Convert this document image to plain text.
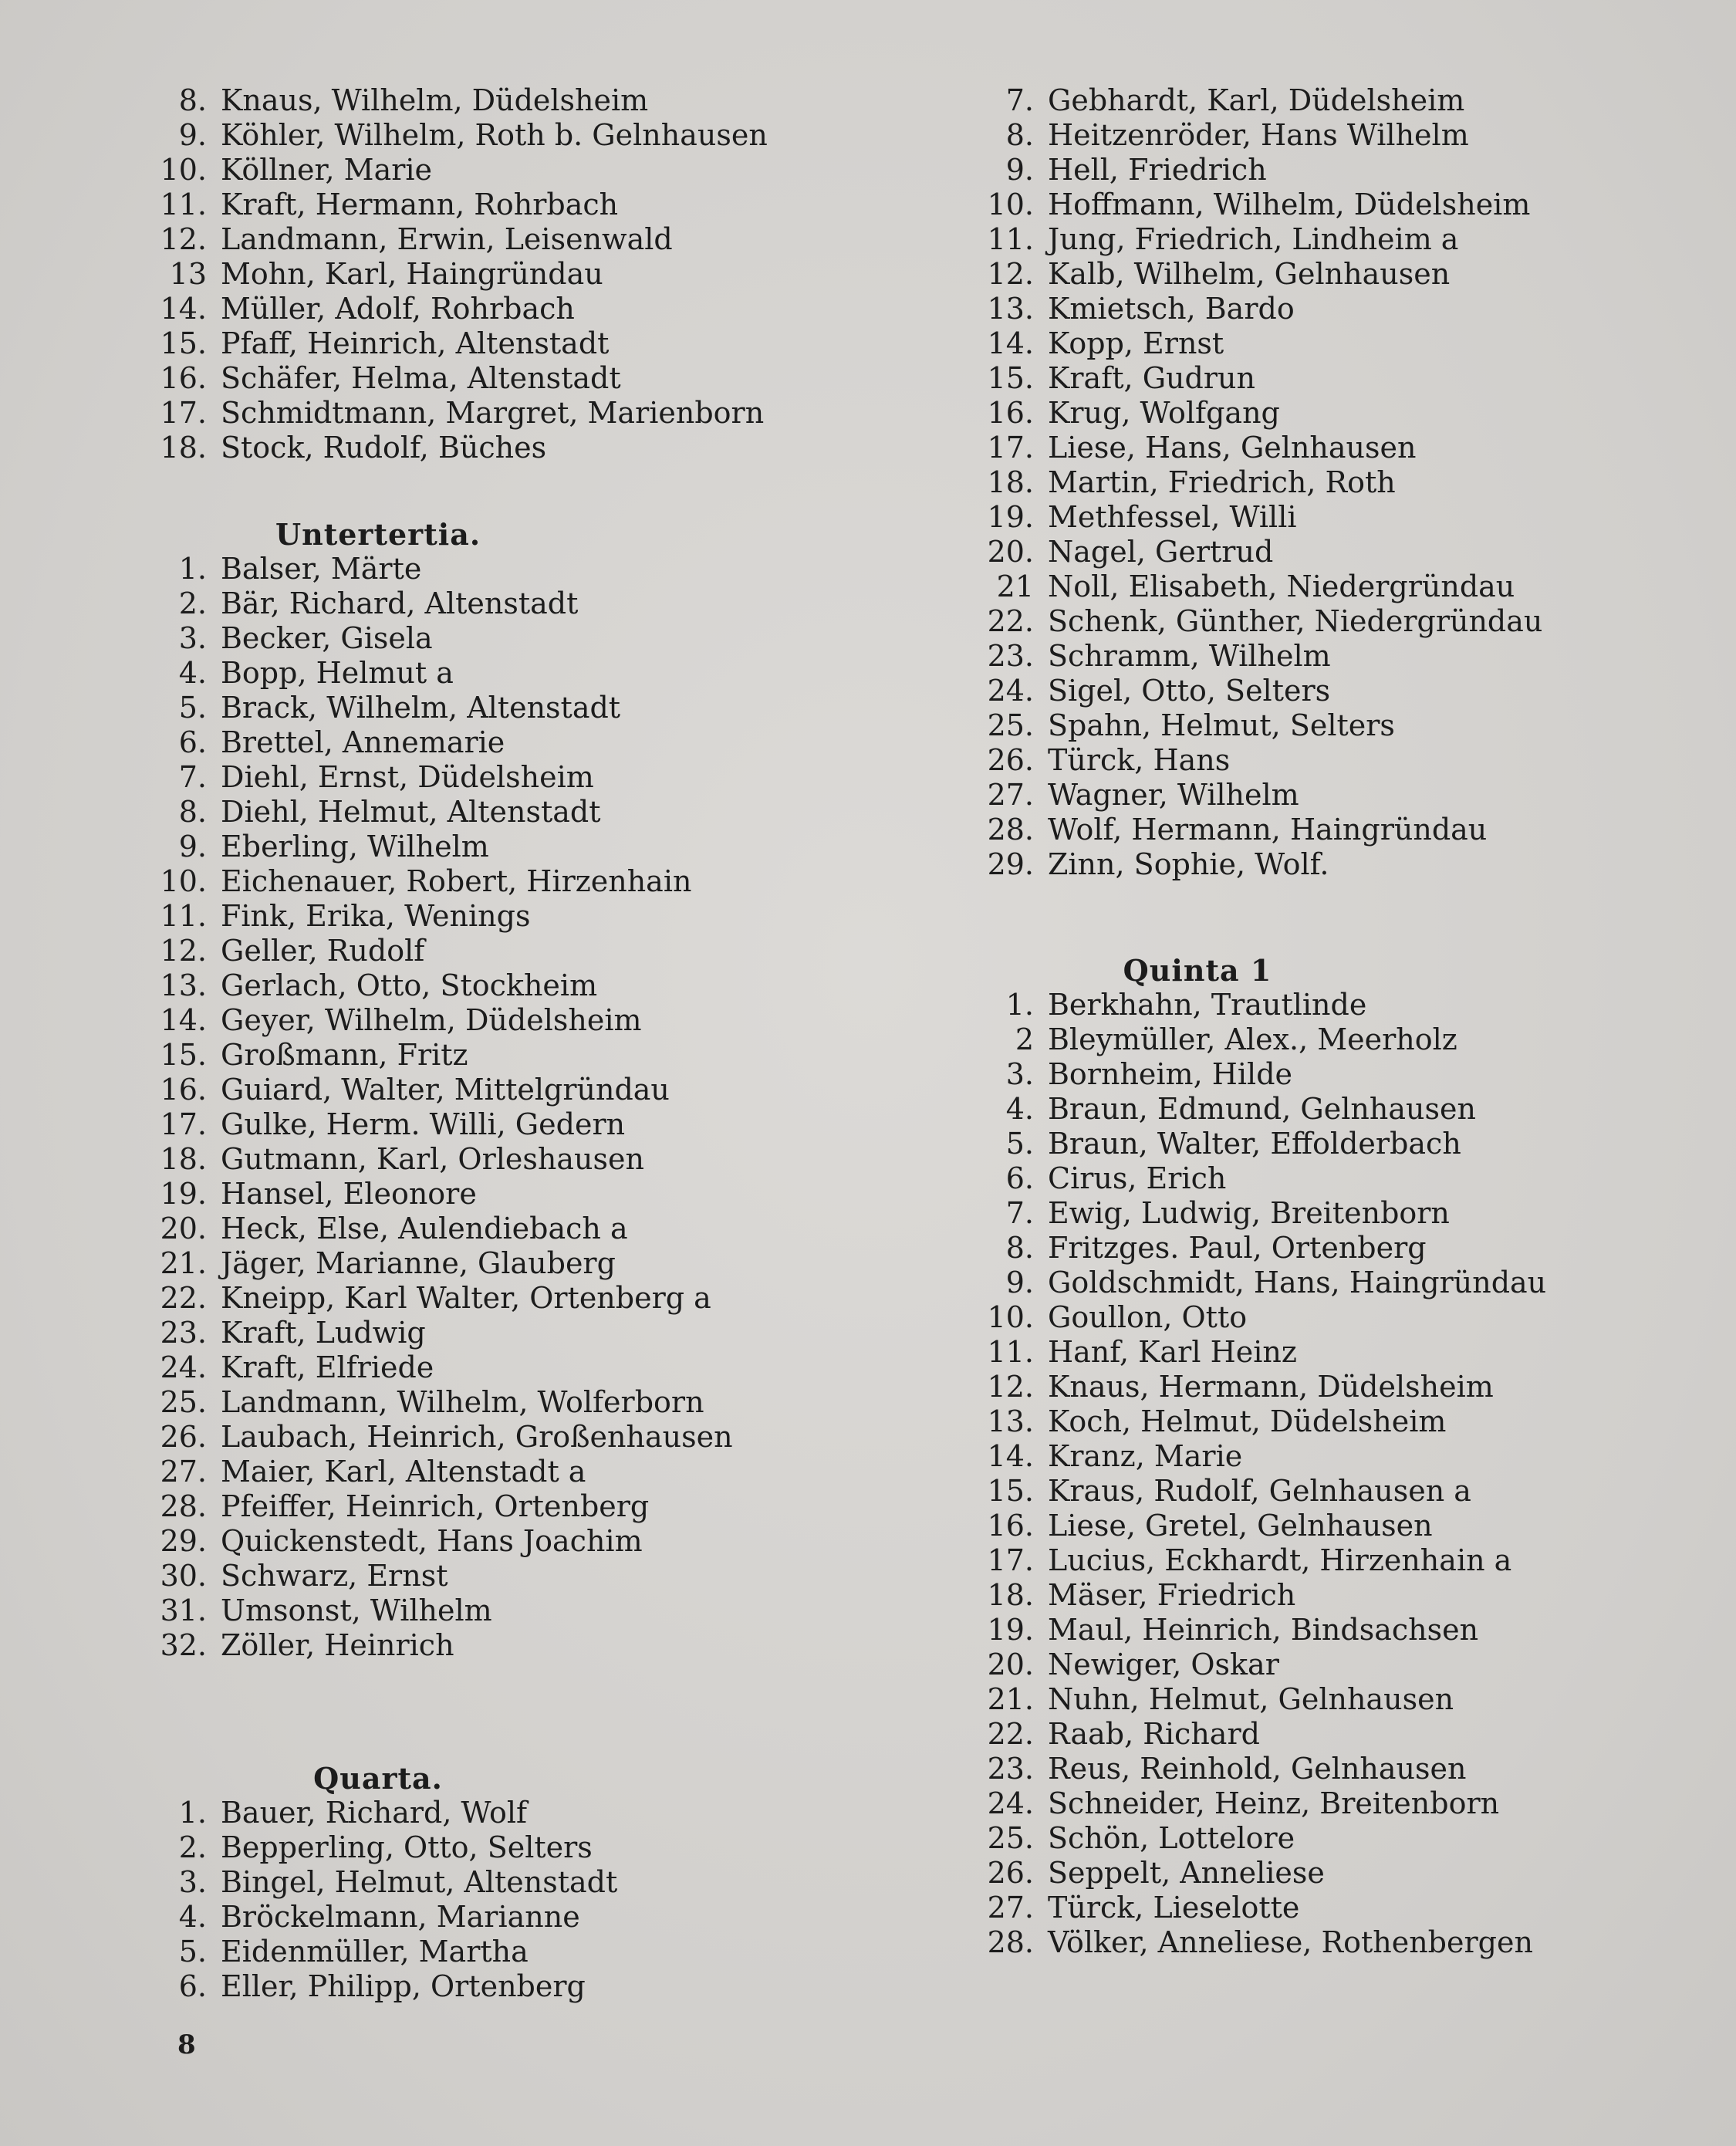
8. Knaus, Wilhelm, Düdelsheim
9. Köhler, Wilhelm, Roth b. Gelnhausen
10. Köllner, Marie
11. Kraft, Hermann, Rohrbach
12. Landmann, Erwin, Leisenwald
13 Mohn, Karl, Haingründau
14. Müller, Adolf, Rohrbach
15. Pfaff, Heinrich, Altenstadt
16. Schäfer, Helma, Altenstadt
17. Schmidtmann, Margret, Marienborn
18. Stock, Rudolf, Büches
Untertertia.
1. Balser, Märte
2. Bär, Richard, Altenstadt
3. Becker, Gisela
4. Bopp, Helmut a
5. Brack, Wilhelm, Altenstadt
6. Brettel, Annemarie
7. Diehl, Ernst, Düdelsheim
8. Diehl, Helmut, Altenstadt
9. Eberling, Wilhelm
10. Eichenauer, Robert, Hirzenhain
11. Fink, Erika, Wenings
12. Geller, Rudolf
13. Gerlach, Otto, Stockheim
14. Geyer, Wilhelm, Düdelsheim
15. Großmann, Fritz
16. Guiard, Walter, Mittelgründau
17. Gulke, Herm. Willi, Gedern
18. Gutmann, Karl, Orleshausen
19. Hansel, Eleonore
20. Heck, Else, Aulendiebach a
21. Jäger, Marianne, Glauberg
22. Kneipp, Karl Walter, Ortenberg a
23. Kraft, Ludwig
24. Kraft, Elfriede
25. Landmann, Wilhelm, Wolferborn
26. Laubach, Heinrich, Großenhausen
27. Maier, Karl, Altenstadt a
28. Pfeiffer, Heinrich, Ortenberg
29. Quickenstedt, Hans Joachim
30. Schwarz, Ernst
31. Umsonst, Wilhelm
32. Zöller, Heinrich
Quarta.
1. Bauer, Richard, Wolf
2. Bepperling, Otto, Selters
3. Bingel, Helmut, Altenstadt
4. Bröckelmann, Marianne
5. Eidenmüller, Martha
6. Eller, Philipp, Ortenberg
7. Gebhardt, Karl, Düdelsheim
8. Heitzenröder, Hans Wilhelm
9. Hell, Friedrich
10. Hoffmann, Wilhelm, Düdelsheim
11. Jung, Friedrich, Lindheim a
12. Kalb, Wilhelm, Gelnhausen
13. Kmietsch, Bardo
14. Kopp, Ernst
15. Kraft, Gudrun
16. Krug, Wolfgang
17. Liese, Hans, Gelnhausen
18. Martin, Friedrich, Roth
19. Methfessel, Willi
20. Nagel, Gertrud
21 Noll, Elisabeth, Niedergründau
22. Schenk, Günther, Niedergründau
23. Schramm, Wilhelm
24. Sigel, Otto, Selters
25. Spahn, Helmut, Selters
26. Türck, Hans
27. Wagner, Wilhelm
28. Wolf, Hermann, Haingründau
29. Zinn, Sophie, Wolf.
Quinta 1
1. Berkhahn, Trautlinde
2 Bleymüller, Alex., Meerholz
3. Bornheim, Hilde
4. Braun, Edmund, Gelnhausen
5. Braun, Walter, Effolderbach
6. Cirus, Erich
7. Ewig, Ludwig, Breitenborn
8. Fritzges. Paul, Ortenberg
9. Goldschmidt, Hans, Haingründau
10. Goullon, Otto
11. Hanf, Karl Heinz
12. Knaus, Hermann, Düdelsheim
13. Koch, Helmut, Düdelsheim
14. Kranz, Marie
15. Kraus, Rudolf, Gelnhausen a
16. Liese, Gretel, Gelnhausen
17. Lucius, Eckhardt, Hirzenhain a
18. Mäser, Friedrich
19. Maul, Heinrich, Bindsachsen
20. Newiger, Oskar
21. Nuhn, Helmut, Gelnhausen
22. Raab, Richard
23. Reus, Reinhold, Gelnhausen
24. Schneider, Heinz, Breitenborn
25. Schön, Lottelore
26. Seppelt, Anneliese
27. Türck, Lieselotte
28. Völker, Anneliese, Rothenbergen
8
